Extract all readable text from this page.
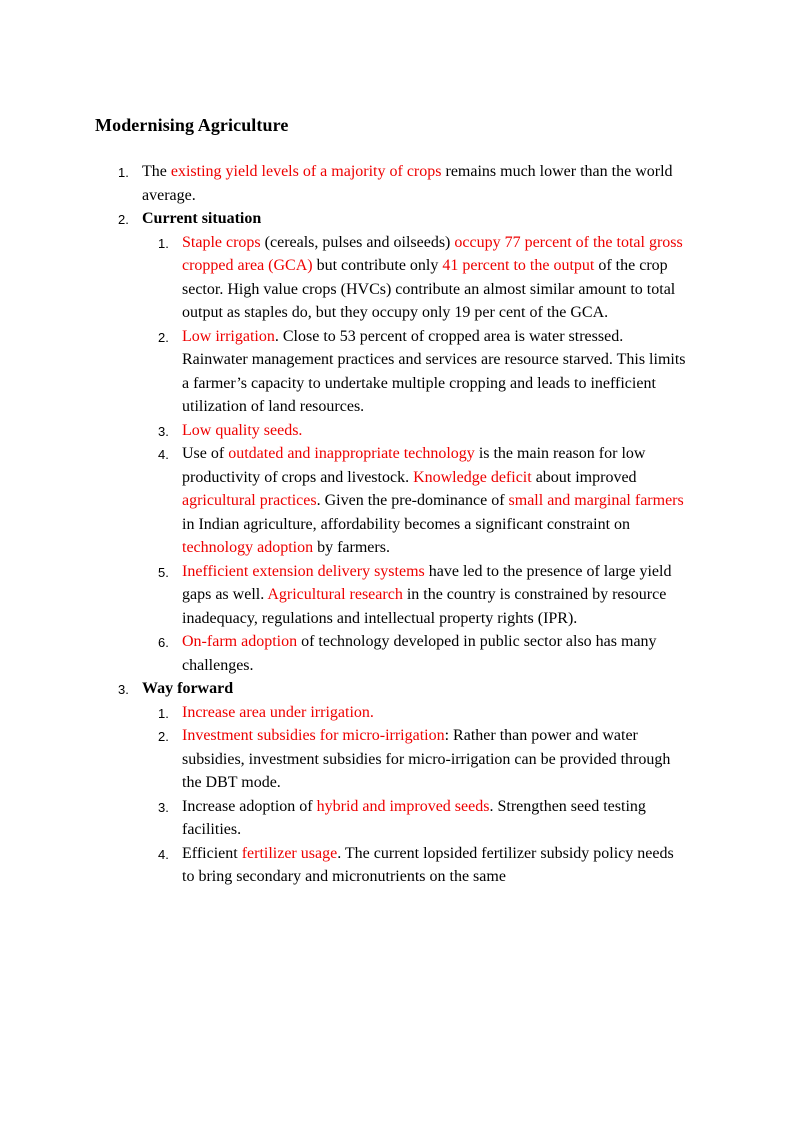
Modernising Agriculture
1. The existing yield levels of a majority of crops remains much lower than the world average.
2. Current situation
1. Staple crops (cereals, pulses and oilseeds) occupy 77 percent of the total gross cropped area (GCA) but contribute only 41 percent to the output of the crop sector. High value crops (HVCs) contribute an almost similar amount to total output as staples do, but they occupy only 19 per cent of the GCA.
2. Low irrigation. Close to 53 percent of cropped area is water stressed. Rainwater management practices and services are resource starved. This limits a farmer’s capacity to undertake multiple cropping and leads to inefficient utilization of land resources.
3. Low quality seeds.
4. Use of outdated and inappropriate technology is the main reason for low productivity of crops and livestock. Knowledge deficit about improved agricultural practices. Given the pre-dominance of small and marginal farmers in Indian agriculture, affordability becomes a significant constraint on technology adoption by farmers.
5. Inefficient extension delivery systems have led to the presence of large yield gaps as well. Agricultural research in the country is constrained by resource inadequacy, regulations and intellectual property rights (IPR).
6. On-farm adoption of technology developed in public sector also has many challenges.
3. Way forward
1. Increase area under irrigation.
2. Investment subsidies for micro-irrigation: Rather than power and water subsidies, investment subsidies for micro-irrigation can be provided through the DBT mode.
3. Increase adoption of hybrid and improved seeds. Strengthen seed testing facilities.
4. Efficient fertilizer usage. The current lopsided fertilizer subsidy policy needs to bring secondary and micronutrients on the same
